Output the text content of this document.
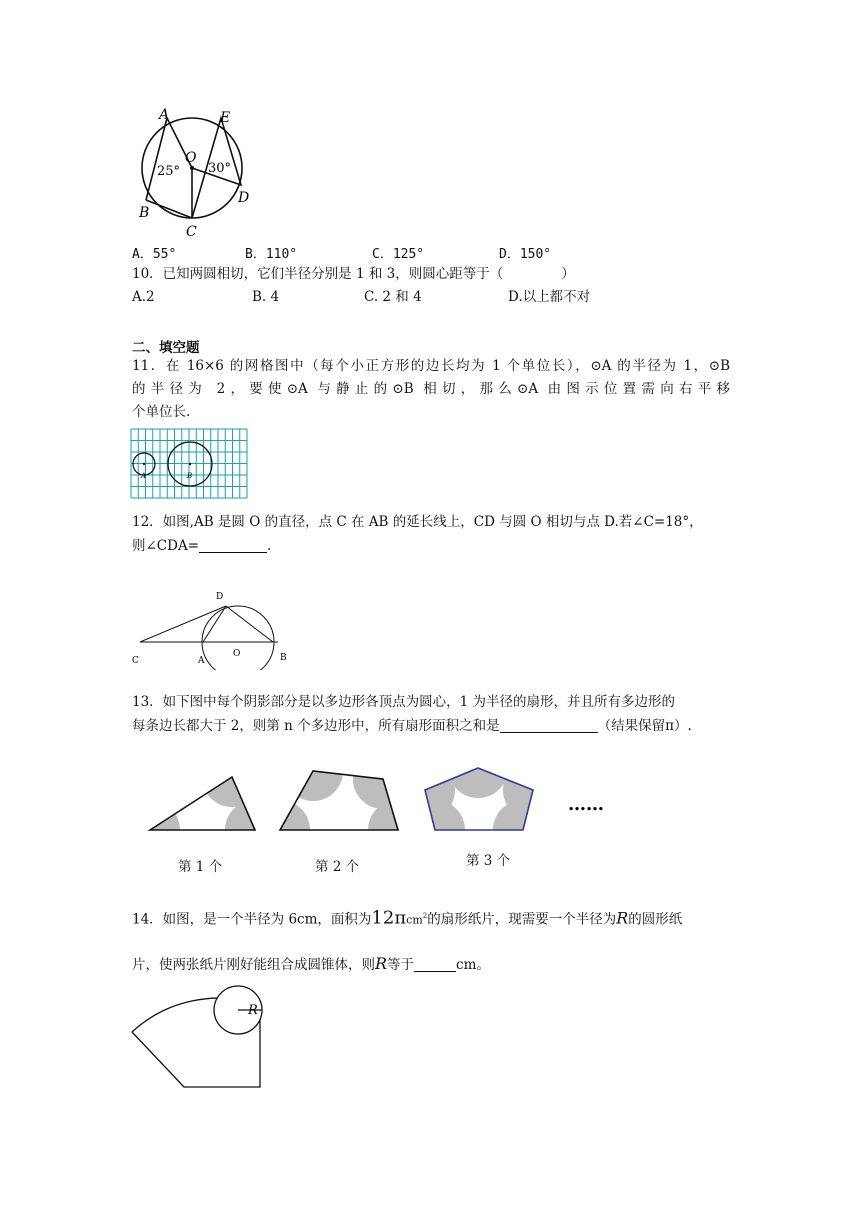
A	E
O
B
C
D
25° 30°
A．55°	B．110°	C．125°	D．150°
10．已知两圆相切，它们半径分别是 1 和 3，则圆心距等于（	）
A.2	B. 4	C. 2 和 4	D.以上都不对
二、填空题
11．在 16×6 的网格图中（每个小正方形的边长均为 1 个单位长），⊙A 的半径为 1，⊙B
的半径为 2，要使⊙A 与静止的⊙B 相切，那么⊙A 由图示位置需向右平移
个单位长.
A	B
12．如图,AB 是圆 O 的直径，点 C 在 AB 的延长线上，CD 与圆 O 相切与点 D.若∠C=18°，
则∠CDA=	.
D
C	A
O	B
13．如下图中每个阴影部分是以多边形各顶点为圆心，1 为半径的扇形，并且所有多边形的
每条边长都大于 2，则第 n 个多边形中，所有扇形面积之和是	（结果保留π）.
……
第 1 个	第 2 个	第 3 个
14．如图，是一个半径为 6cm，面积为12πcm$^2$的扇形纸片，现需要一个半径为R的圆形纸
片，使两张纸片刚好能组合成圆锥体，则R等于	cm。
R
